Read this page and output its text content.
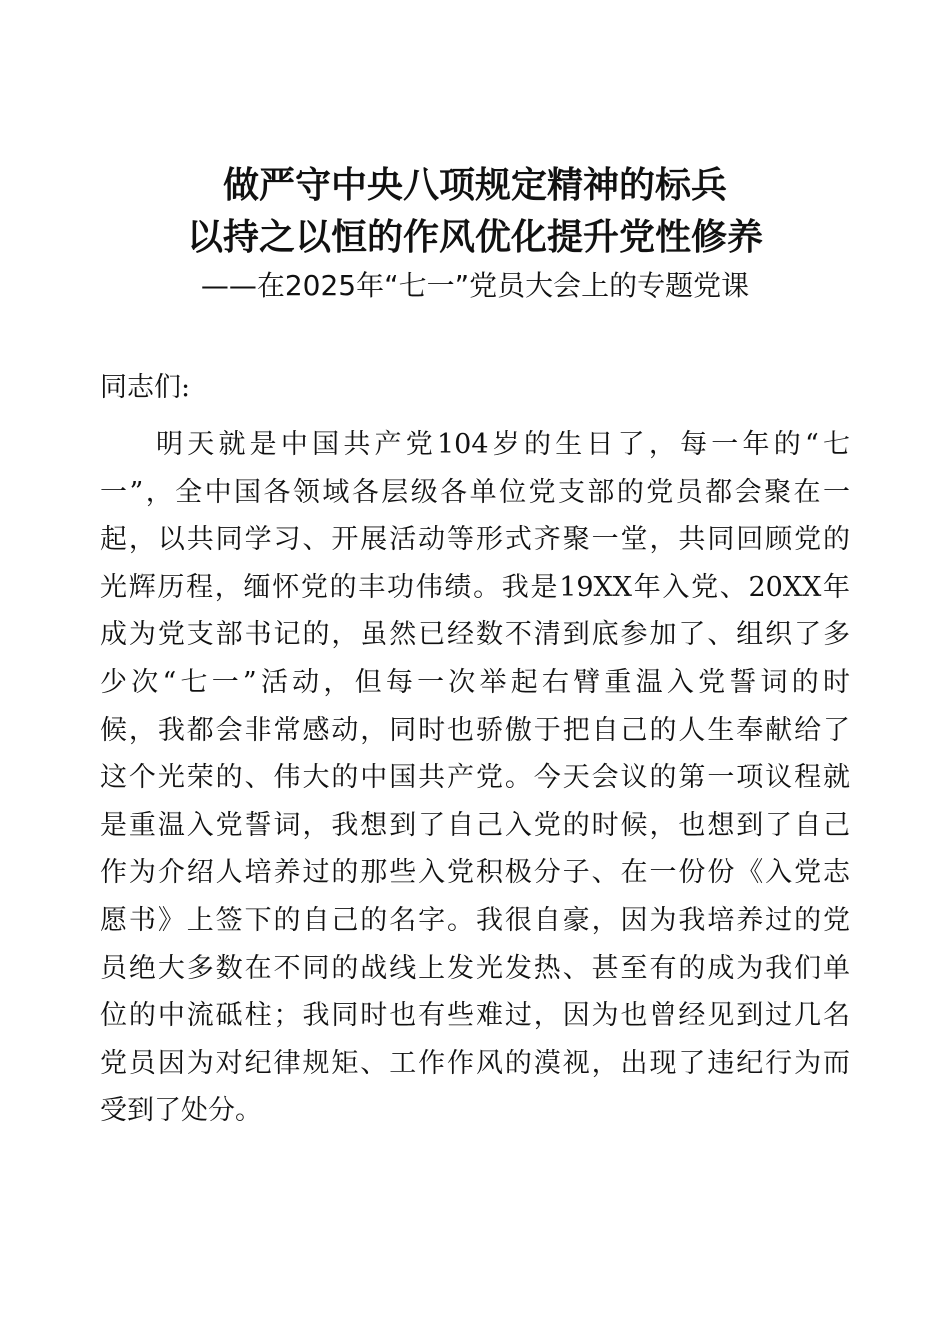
做严守中央八项规定精神的标兵
以持之以恒的作风优化提升党性修养
——在2025年“七一”党员大会上的专题党课
同志们:
明天就是中国共产党104岁的生日了，每一年的“七
一”，全中国各领域各层级各单位党支部的党员都会聚在一
起，以共同学习、开展活动等形式齐聚一堂，共同回顾党的
光辉历程，缅怀党的丰功伟绩。我是19XX年入党、20XX年
成为党支部书记的，虽然已经数不清到底参加了、组织了多
少次“七一”活动，但每一次举起右臂重温入党誓词的时
候，我都会非常感动，同时也骄傲于把自己的人生奉献给了
这个光荣的、伟大的中国共产党。今天会议的第一项议程就
是重温入党誓词，我想到了自己入党的时候，也想到了自己
作为介绍人培养过的那些入党积极分子、在一份份《入党志
愿书》上签下的自己的名字。我很自豪，因为我培养过的党
员绝大多数在不同的战线上发光发热、甚至有的成为我们单
位的中流砥柱；我同时也有些难过，因为也曾经见到过几名
党员因为对纪律规矩、工作作风的漠视，出现了违纪行为而
受到了处分。
